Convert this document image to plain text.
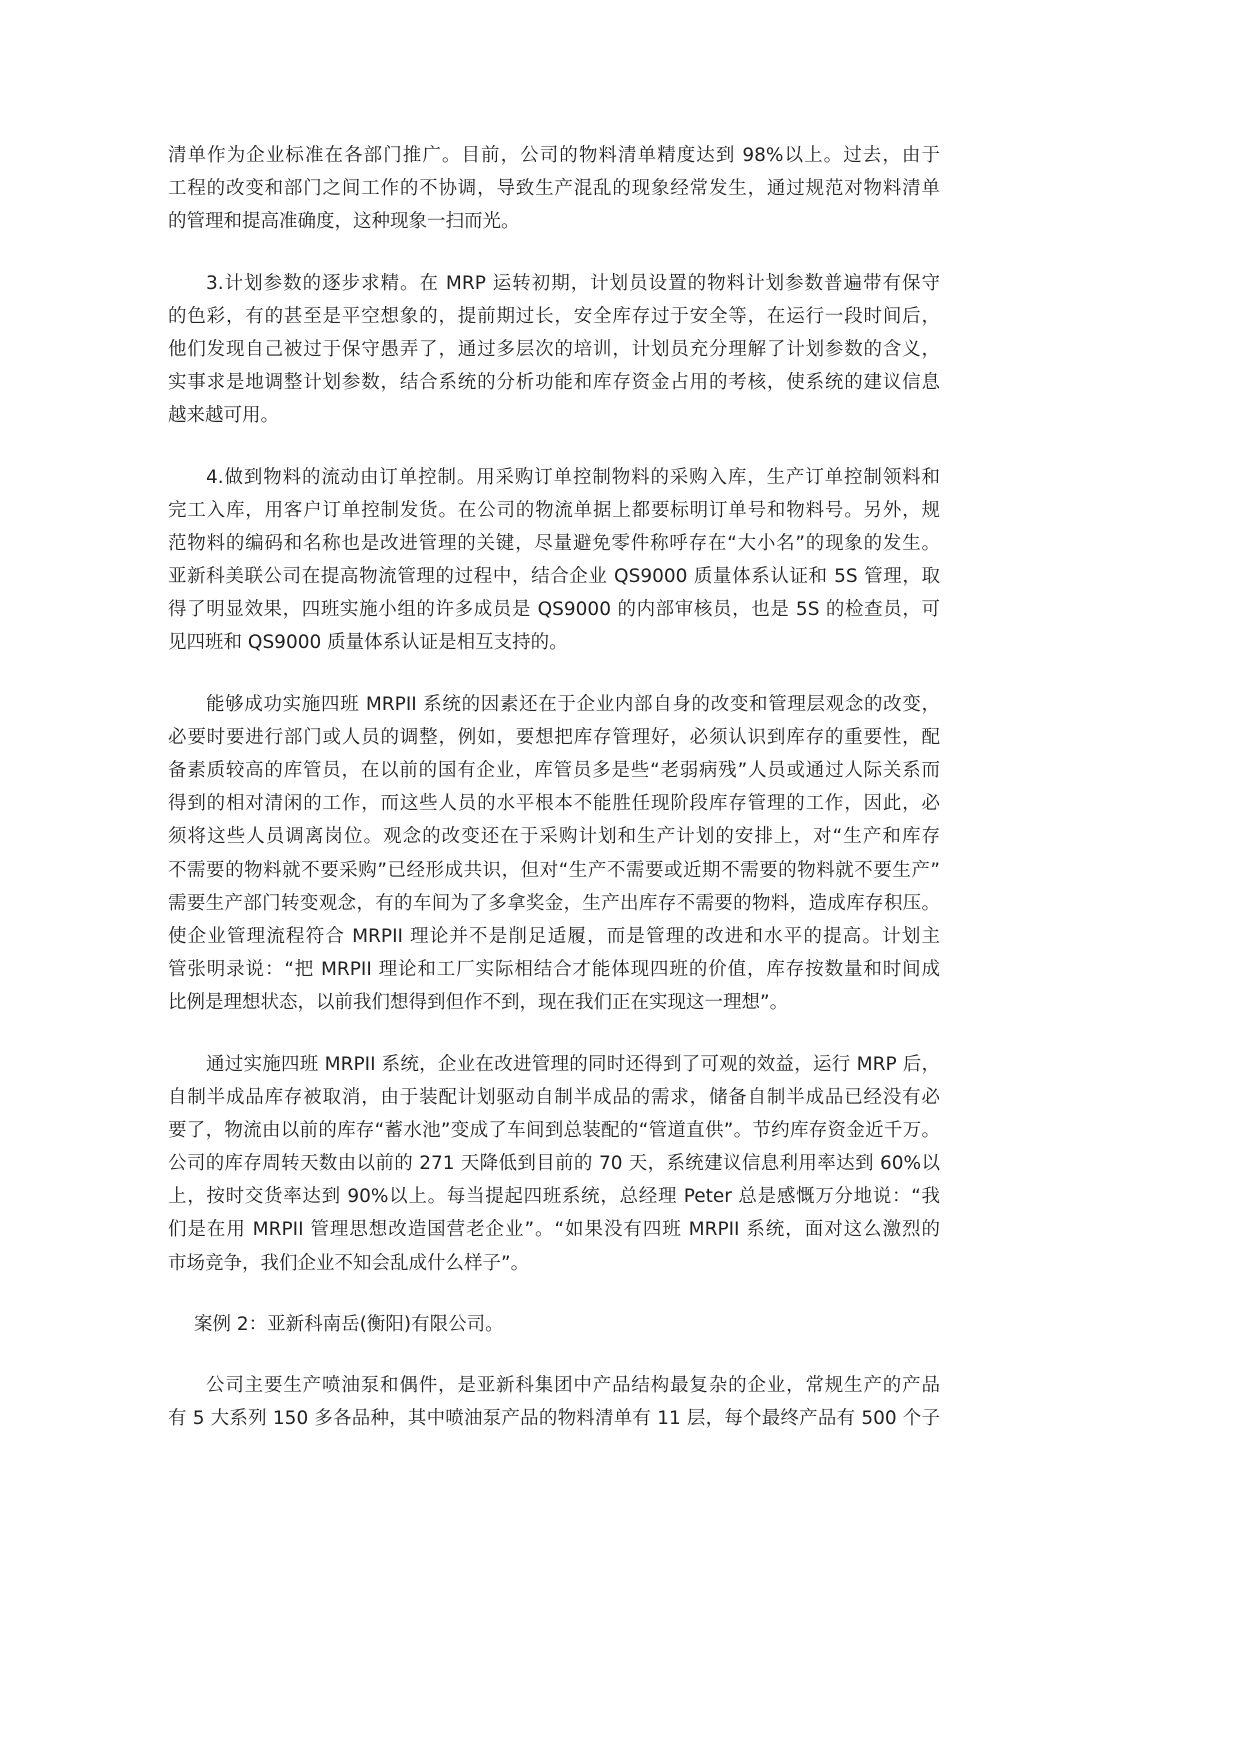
清单作为企业标准在各部门推广。目前，公司的物料清单精度达到 98%以上。过去，由于
工程的改变和部门之间工作的不协调，导致生产混乱的现象经常发生，通过规范对物料清单
的管理和提高准确度，这种现象一扫而光。
3.计划参数的逐步求精。在 MRP 运转初期，计划员设置的物料计划参数普遍带有保守
的色彩，有的甚至是平空想象的，提前期过长，安全库存过于安全等，在运行一段时间后，
他们发现自己被过于保守愚弄了，通过多层次的培训，计划员充分理解了计划参数的含义，
实事求是地调整计划参数，结合系统的分析功能和库存资金占用的考核，使系统的建议信息
越来越可用。
4.做到物料的流动由订单控制。用采购订单控制物料的采购入库，生产订单控制领料和
完工入库，用客户订单控制发货。在公司的物流单据上都要标明订单号和物料号。另外，规
范物料的编码和名称也是改进管理的关键，尽量避免零件称呼存在“大小名”的现象的发生。
亚新科美联公司在提高物流管理的过程中，结合企业 QS9000 质量体系认证和 5S 管理，取
得了明显效果，四班实施小组的许多成员是 QS9000 的内部审核员，也是 5S 的检查员，可
见四班和 QS9000 质量体系认证是相互支持的。
能够成功实施四班 MRPII 系统的因素还在于企业内部自身的改变和管理层观念的改变，
必要时要进行部门或人员的调整，例如，要想把库存管理好，必须认识到库存的重要性，配
备素质较高的库管员，在以前的国有企业，库管员多是些“老弱病残”人员或通过人际关系而
得到的相对清闲的工作，而这些人员的水平根本不能胜任现阶段库存管理的工作，因此，必
须将这些人员调离岗位。观念的改变还在于采购计划和生产计划的安排上，对“生产和库存
不需要的物料就不要采购”已经形成共识，但对“生产不需要或近期不需要的物料就不要生产”
需要生产部门转变观念，有的车间为了多拿奖金，生产出库存不需要的物料，造成库存积压。
使企业管理流程符合 MRPII 理论并不是削足适履，而是管理的改进和水平的提高。计划主
管张明录说：“把 MRPII 理论和工厂实际相结合才能体现四班的价值，库存按数量和时间成
比例是理想状态，以前我们想得到但作不到，现在我们正在实现这一理想”。
通过实施四班 MRPII 系统，企业在改进管理的同时还得到了可观的效益，运行 MRP 后，
自制半成品库存被取消，由于装配计划驱动自制半成品的需求，储备自制半成品已经没有必
要了，物流由以前的库存“蓄水池”变成了车间到总装配的“管道直供”。节约库存资金近千万。
公司的库存周转天数由以前的 271 天降低到目前的 70 天，系统建议信息利用率达到 60%以
上，按时交货率达到 90%以上。每当提起四班系统，总经理 Peter 总是感慨万分地说：“我
们是在用 MRPII 管理思想改造国营老企业”。“如果没有四班 MRPII 系统，面对这么激烈的
市场竞争，我们企业不知会乱成什么样子”。
案例 2：亚新科南岳(衡阳)有限公司。
公司主要生产喷油泵和偶件，是亚新科集团中产品结构最复杂的企业，常规生产的产品
有 5 大系列 150 多各品种，其中喷油泵产品的物料清单有 11 层，每个最终产品有 500 个子
